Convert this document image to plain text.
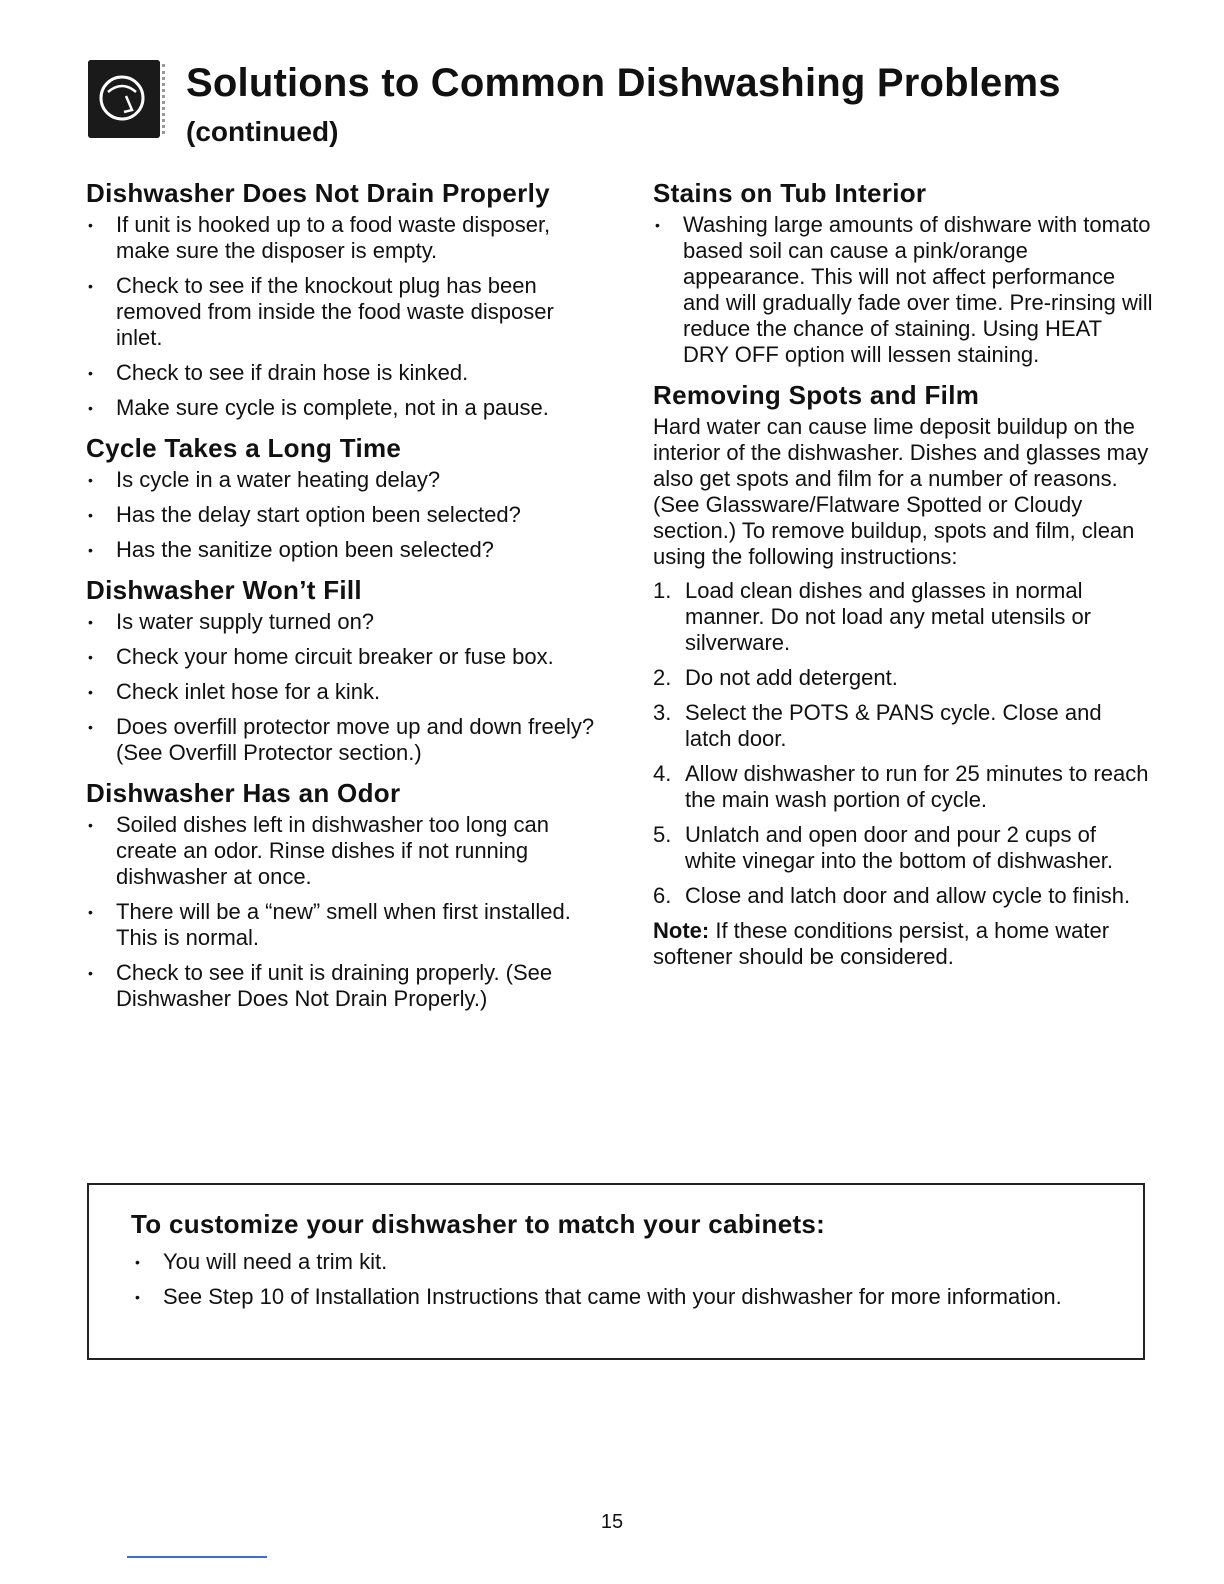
Solutions to Common Dishwashing Problems
(continued)
Dishwasher Does Not Drain Properly
• If unit is hooked up to a food waste disposer, make sure the disposer is empty.
• Check to see if the knockout plug has been removed from inside the food waste disposer inlet.
• Check to see if drain hose is kinked.
• Make sure cycle is complete, not in a pause.
Cycle Takes a Long Time
• Is cycle in a water heating delay?
• Has the delay start option been selected?
• Has the sanitize option been selected?
Dishwasher Won’t Fill
• Is water supply turned on?
• Check your home circuit breaker or fuse box.
• Check inlet hose for a kink.
• Does overfill protector move up and down freely? (See Overfill Protector section.)
Dishwasher Has an Odor
• Soiled dishes left in dishwasher too long can create an odor. Rinse dishes if not running dishwasher at once.
• There will be a “new” smell when first installed. This is normal.
• Check to see if unit is draining properly. (See Dishwasher Does Not Drain Properly.)
Stains on Tub Interior
• Washing large amounts of dishware with tomato based soil can cause a pink/orange appearance. This will not affect performance and will gradually fade over time. Pre-rinsing will reduce the chance of staining. Using HEAT DRY OFF option will lessen staining.
Removing Spots and Film

Hard water can cause lime deposit buildup on the interior of the dishwasher. Dishes and glasses may also get spots and film for a number of reasons. (See Glassware/Flatware Spotted or Cloudy section.) To remove buildup, spots and film, clean using the following instructions:

1. Load clean dishes and glasses in normal manner. Do not load any metal utensils or silverware.
2. Do not add detergent.
3. Select the POTS & PANS cycle. Close and latch door.
4. Allow dishwasher to run for 25 minutes to reach the main wash portion of cycle.
5. Unlatch and open door and pour 2 cups of white vinegar into the bottom of dishwasher.
6. Close and latch door and allow cycle to finish.

Note: If these conditions persist, a home water softener should be considered.

To customize your dishwasher to match your cabinets:
• You will need a trim kit.
• See Step 10 of Installation Instructions that came with your dishwasher for more information.
15
